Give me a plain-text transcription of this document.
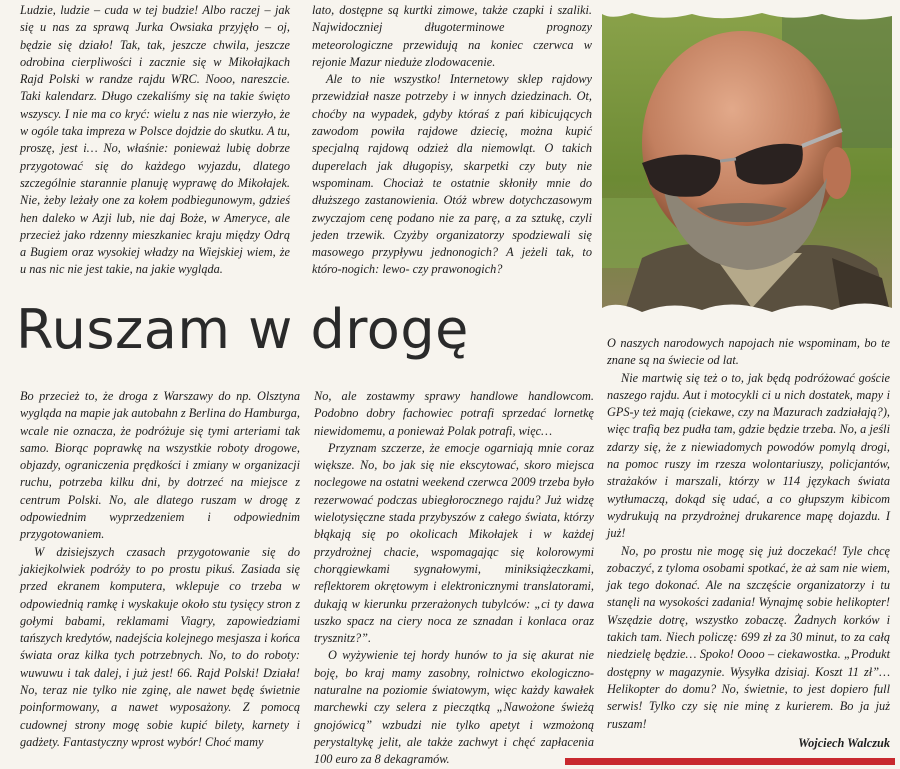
Ludzie, ludzie – cuda w tej budzie! Albo raczej – jak się u nas za sprawą Jurka Owsiaka przyjęło – oj, będzie się działo! Tak, tak, jeszcze chwila, jeszcze odrobina cierpliwości i zacznie się w Mikołajkach Rajd Polski w randze rajdu WRC. Nooo, nareszcie. Taki kalendarz. Długo czekaliśmy się na takie święto wszyscy. I nie ma co kryć: wielu z nas nie wierzyło, że w ogóle taka impreza w Polsce dojdzie do skutku. A tu, proszę, jest i… No, właśnie: ponieważ lubię dobrze przygotować się do każdego wyjazdu, dlatego szczególnie starannie planuję wyprawę do Mikołajek. Nie, żeby leżały one za kołem podbiegunowym, gdzieś hen daleko w Azji lub, nie daj Boże, w Ameryce, ale przecież jako rdzenny mieszkaniec kraju między Odrą a Bugiem oraz wysokiej władzy na Wiejskiej wiem, że u nas nic nie jest takie, na jakie wygląda.

lato, dostępne są kurtki zimowe, także czapki i szaliki. Najwidoczniej długoterminowe prognozy meteorologiczne przewidują na koniec czerwca w rejonie Mazur nieduże zlodowacenie.

Ale to nie wszystko! Internetowy sklep rajdowy przewidział nasze potrzeby i w innych dziedzinach. Ot, choćby na wypadek, gdyby któraś z pań kibicujących zawodom powiła rajdowe dziecię, można kupić specjalną rajdową odzież dla niemowląt. O takich duperelach jak długopisy, skarpetki czy buty nie wspominam. Chociaż te ostatnie skłoniły mnie do dłuższego zastanowienia. Otóż wbrew dotychczasowym zwyczajom cenę podano nie za parę, a za sztukę, czyli jeden trzewik. Czyżby organizatorzy spodziewali się masowego przypływu jednonogich? A jeżeli tak, to któro-nogich: lewo- czy prawonogich?

Ruszam w drogę

Bo przecież to, że droga z Warszawy do np. Olsztyna wygląda na mapie jak autobahn z Berlina do Hamburga, wcale nie oznacza, że podróżuje się tymi arteriami tak samo. Biorąc poprawkę na wszystkie roboty drogowe, objazdy, ograniczenia prędkości i zmiany w organizacji ruchu, potrzeba kilku dni, by dotrzeć na miejsce z centrum Polski. No, ale dlatego ruszam w drogę z odpowiednim wyprzedzeniem i odpowiednim przygotowaniem.

W dzisiejszych czasach przygotowanie się do jakiejkolwiek podróży to po prostu pikuś. Zasiada się przed ekranem komputera, wklepuje co trzeba w odpowiednią ramkę i wyskakuje około stu tysięcy stron z gołymi babami, reklamami Viagry, zapowiedziami tańszych kredytów, nadejścia kolejnego mesjasza i końca świata oraz kilka tych potrzebnych. No, to do roboty: wuwuwu i tak dalej, i już jest! 66. Rajd Polski! Działa! No, teraz nie tylko nie zginę, ale nawet będę świetnie poinformowany, a nawet wyposażony. Z pomocą cudownej strony mogę sobie kupić bilety, karnety i gadżety. Fantastyczny wprost wybór! Choć mamy

No, ale zostawmy sprawy handlowe handlowcom. Podobno dobry fachowiec potrafi sprzedać lornetkę niewidomemu, a ponieważ Polak potrafi, więc…

Przyznam szczerze, że emocje ogarniają mnie coraz większe. No, bo jak się nie ekscytować, skoro miejsca noclegowe na ostatni weekend czerwca 2009 trzeba było rezerwować podczas ubiegłorocznego rajdu? Już widzę wielotysięczne stada przybyszów z całego świata, którzy błąkają się po okolicach Mikołajek i w każdej przydrożnej chacie, wspomagając się kolorowymi chorągiewkami sygnałowymi, miniksiążeczkami, reflektorem okrętowym i elektronicznymi translatorami, dukają w kierunku przerażonych tubylców: „ci ty dawa uszko spacz na ciery noca ze sznadan i konlaca oraz trysznitz?”.

O wyżywienie tej hordy hunów to ja się akurat nie boję, bo kraj mamy zasobny, rolnictwo ekologiczno-naturalne na poziomie światowym, więc każdy kawałek marchewki czy selera z pieczątką „Nawożone świeżą gnojówicą” wzbudzi nie tylko apetyt i wzmożoną perystaltykę jelit, ale także zachwyt i chęć zapłacenia 100 euro za 8 dekagramów.

O naszych narodowych napojach nie wspominam, bo te znane są na świecie od lat.

Nie martwię się też o to, jak będą podróżować goście naszego rajdu. Aut i motocykli ci u nich dostatek, mapy i GPS-y też mają (ciekawe, czy na Mazurach zadziałają?), więc trafią bez pudła tam, gdzie będzie trzeba. No, a jeśli zdarzy się, że z niewiadomych powodów pomylą drogi, na pomoc ruszy im rzesza wolontariuszy, policjantów, strażaków i marszali, którzy w 114 językach świata wytłumaczą, dokąd się udać, a co głupszym kibicom wydrukują na przydrożnej drukarence mapę dojazdu. I już!

No, po prostu nie mogę się już doczekać! Tyle chcę zobaczyć, z tyloma osobami spotkać, że aż sam nie wiem, jak tego dokonać. Ale na szczęście organizatorzy i tu stanęli na wysokości zadania! Wynajmę sobie helikopter! Wszędzie dotrę, wszystko zobaczę. Żadnych korków i takich tam. Niech policzę: 699 zł za 30 minut, to za całą niedzielę będzie… Spoko! Oooo – ciekawostka. „Produkt dostępny w magazynie. Wysyłka dzisiaj. Koszt 11 zł”… Helikopter do domu? No, świetnie, to jest dopiero full serwis! Tylko czy się nie minę z kurierem. Bo ja już ruszam!

Wojciech Walczuk
